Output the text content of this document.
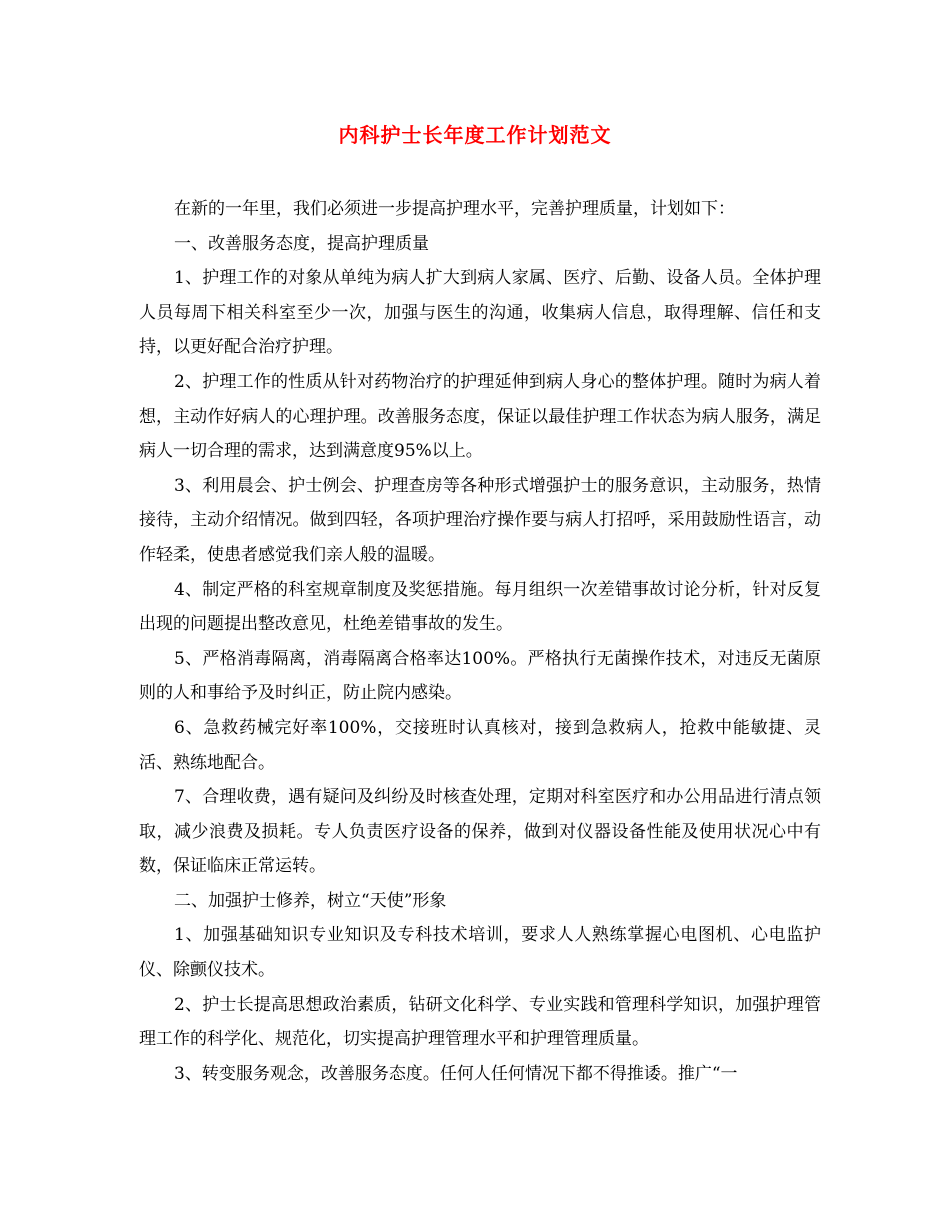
内科护士长年度工作计划范文

在新的一年里，我们必须进一步提高护理水平，完善护理质量，计划如下：

一、改善服务态度，提高护理质量

1、护理工作的对象从单纯为病人扩大到病人家属、医疗、后勤、设备人员。全体护理人员每周下相关科室至少一次，加强与医生的沟通，收集病人信息，取得理解、信任和支持，以更好配合治疗护理。

2、护理工作的性质从针对药物治疗的护理延伸到病人身心的整体护理。随时为病人着想，主动作好病人的心理护理。改善服务态度，保证以最佳护理工作状态为病人服务，满足病人一切合理的需求，达到满意度95%以上。

3、利用晨会、护士例会、护理查房等各种形式增强护士的服务意识，主动服务，热情接待，主动介绍情况。做到四轻，各项护理治疗操作要与病人打招呼，采用鼓励性语言，动作轻柔，使患者感觉我们亲人般的温暖。

4、制定严格的科室规章制度及奖惩措施。每月组织一次差错事故讨论分析，针对反复出现的问题提出整改意见，杜绝差错事故的发生。

5、严格消毒隔离，消毒隔离合格率达100%。严格执行无菌操作技术，对违反无菌原则的人和事给予及时纠正，防止院内感染。

6、急救药械完好率100%，交接班时认真核对，接到急救病人，抢救中能敏捷、灵活、熟练地配合。

7、合理收费，遇有疑问及纠纷及时核查处理，定期对科室医疗和办公用品进行清点领取，减少浪费及损耗。专人负责医疗设备的保养，做到对仪器设备性能及使用状况心中有数，保证临床正常运转。

二、加强护士修养，树立“天使”形象

1、加强基础知识专业知识及专科技术培训，要求人人熟练掌握心电图机、心电监护仪、除颤仪技术。

2、护士长提高思想政治素质，钻研文化科学、专业实践和管理科学知识，加强护理管理工作的科学化、规范化，切实提高护理管理水平和护理管理质量。

3、转变服务观念，改善服务态度。任何人任何情况下都不得推诿。推广“一
